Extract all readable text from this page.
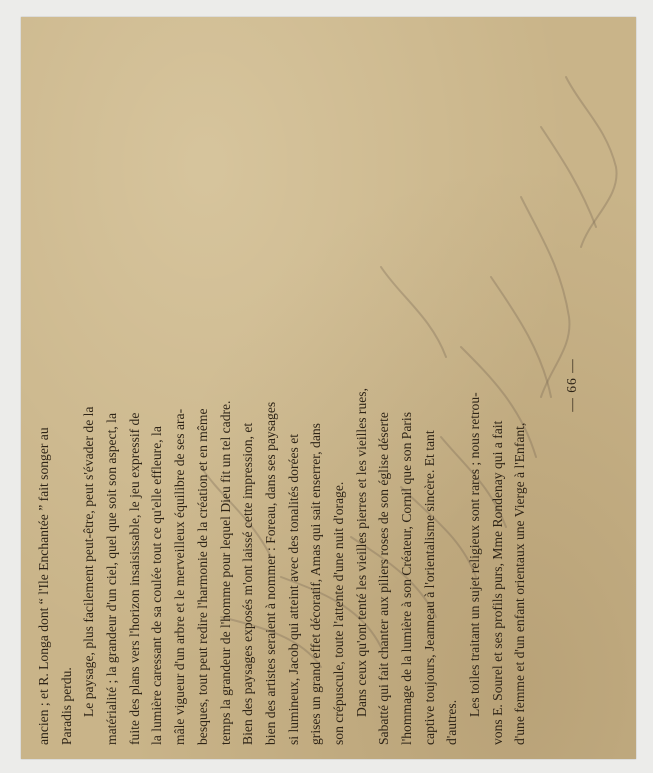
ancien ; et R. Longa dont “ l'Ile Enchantée ” fait songer au Paradis perdu. Le paysage, plus facilement peut-être, peut s'évader de la matérialité ; la grandeur d'un ciel, quel que soit son aspect, la fuite des plans vers l'horizon insaisissable, le jeu expressif de la lumière caressant de sa coulée tout ce qu'elle effleure, la mâle vigueur d'un arbre et le merveilleux équilibre de ses ara- besques, tout peut redire l'harmonie de la création et en même temps la grandeur de l'homme pour lequel Dieu fit un tel cadre. Bien des paysages exposés m'ont laissé cette impression, et bien des artistes seraient à nommer : Foreau, dans ses paysages si lumineux, Jacob qui atteint avec des tonalités dorées et grises un grand effet décoratif, Amas qui sait enserrer, dans son crépuscule, toute l'attente d'une nuit d'orage. Dans ceux qu'ont tenté les vieilles pierres et les vieilles rues, Sabatté qui fait chanter aux piliers roses de son église déserte l'hommage de la lumière à son Créateur, Cornil que son Paris captive toujours, Jeanneau à l'orientalisme sincère. Et tant d'autres.
Les toiles traitant un sujet religieux sont rares ; nous retrou- vons E. Sourel et ses profils purs, Mme Rondenay qui a fait d'une femme et d'un enfant orientaux une Vierge à l'Enfant,
— 66 —
